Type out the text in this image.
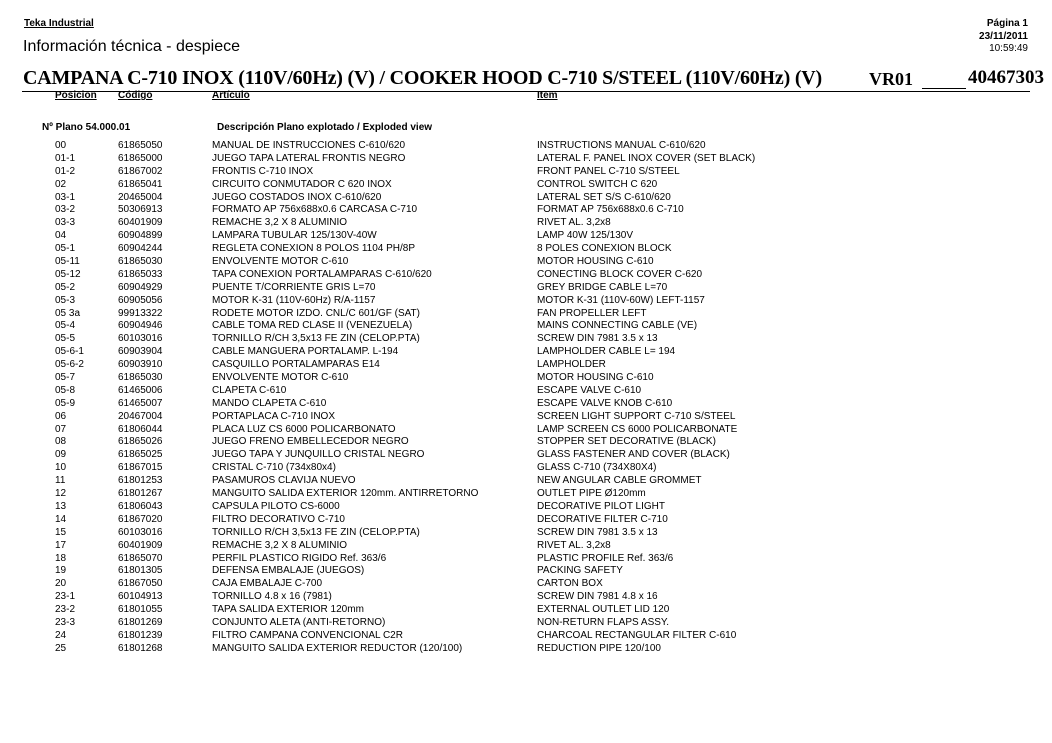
Teka Industrial
Información técnica - despiece
Página 1
23/11/2011
10:59:49
CAMPANA C-710 INOX (110V/60Hz) (V) / COOKER HOOD C-710 S/STEEL (110V/60Hz) (V)	VR01	40467303
Posicion Código	Artículo	Item
Nº Plano 54.000.01	Descripción Plano explotado / Exploded view
00	61865050	MANUAL DE INSTRUCCIONES C-610/620	INSTRUCTIONS MANUAL C-610/620
01-1	61865000	JUEGO TAPA LATERAL FRONTIS NEGRO	LATERAL F. PANEL INOX COVER (SET BLACK)
01-2	61867002	FRONTIS C-710 INOX	FRONT PANEL C-710 S/STEEL
02	61865041	CIRCUITO CONMUTADOR C 620 INOX	CONTROL SWITCH C 620
03-1	20465004	JUEGO COSTADOS INOX C-610/620	LATERAL SET S/S C-610/620
03-2	50306913	FORMATO AP 756x688x0.6 CARCASA C-710	FORMAT AP 756x688x0.6 C-710
03-3	60401909	REMACHE 3,2 X 8 ALUMINIO	RIVET AL. 3,2x8
04	60904899	LAMPARA TUBULAR 125/130V-40W	LAMP 40W 125/130V
05-1	60904244	REGLETA CONEXION 8 POLOS 1104 PH/8P	8 POLES CONEXION BLOCK
05-11	61865030	ENVOLVENTE MOTOR C-610	MOTOR HOUSING C-610
05-12	61865033	TAPA CONEXION PORTALAMPARAS C-610/620	CONECTING BLOCK COVER C-620
05-2	60904929	PUENTE T/CORRIENTE GRIS L=70	GREY BRIDGE CABLE L=70
05-3	60905056	MOTOR K-31 (110V-60Hz) R/A-1157	MOTOR K-31 (110V-60W) LEFT-1157
05 3a	99913322	RODETE MOTOR IZDO. CNL/C 601/GF (SAT)	FAN PROPELLER LEFT
05-4	60904946	CABLE TOMA RED CLASE II (VENEZUELA)	MAINS CONNECTING CABLE (VE)
05-5	60103016	TORNILLO R/CH 3,5x13 FE ZIN (CELOP.PTA)	SCREW DIN 7981 3.5 x 13
05-6-1	60903904	CABLE MANGUERA PORTALAMP. L-194	LAMPHOLDER CABLE L= 194
05-6-2	60903910	CASQUILLO PORTALAMPARAS E14	LAMPHOLDER
05-7	61865030	ENVOLVENTE MOTOR C-610	MOTOR HOUSING C-610
05-8	61465006	CLAPETA C-610	ESCAPE VALVE C-610
05-9	61465007	MANDO CLAPETA C-610	ESCAPE VALVE KNOB C-610
06	20467004	PORTAPLACA C-710 INOX	SCREEN LIGHT SUPPORT C-710 S/STEEL
07	61806044	PLACA LUZ CS 6000 POLICARBONATO	LAMP SCREEN CS 6000 POLICARBONATE
08	61865026	JUEGO FRENO EMBELLECEDOR NEGRO	STOPPER SET DECORATIVE (BLACK)
09	61865025	JUEGO TAPA Y JUNQUILLO CRISTAL NEGRO	GLASS FASTENER AND COVER (BLACK)
10	61867015	CRISTAL C-710 (734x80x4)	GLASS C-710 (734X80X4)
11	61801253	PASAMUROS CLAVIJA NUEVO	NEW ANGULAR CABLE GROMMET
12	61801267	MANGUITO SALIDA EXTERIOR 120mm. ANTIRRETORNO	OUTLET PIPE Ø120mm
13	61806043	CAPSULA PILOTO CS-6000	DECORATIVE PILOT LIGHT
14	61867020	FILTRO DECORATIVO C-710	DECORATIVE FILTER C-710
15	60103016	TORNILLO R/CH 3,5x13 FE ZIN (CELOP.PTA)	SCREW DIN 7981 3.5 x 13
17	60401909	REMACHE 3,2 X 8 ALUMINIO	RIVET AL. 3,2x8
18	61865070	PERFIL PLASTICO RIGIDO Ref. 363/6	PLASTIC PROFILE Ref. 363/6
19	61801305	DEFENSA EMBALAJE (JUEGOS)	PACKING SAFETY
20	61867050	CAJA EMBALAJE C-700	CARTON BOX
23-1	60104913	TORNILLO 4.8 x 16 (7981)	SCREW DIN 7981 4.8 x 16
23-2	61801055	TAPA SALIDA EXTERIOR 120mm	EXTERNAL OUTLET LID 120
23-3	61801269	CONJUNTO ALETA (ANTI-RETORNO)	NON-RETURN FLAPS ASSY.
24	61801239	FILTRO CAMPANA CONVENCIONAL C2R	CHARCOAL RECTANGULAR FILTER C-610
25	61801268	MANGUITO SALIDA EXTERIOR REDUCTOR (120/100)	REDUCTION PIPE 120/100
